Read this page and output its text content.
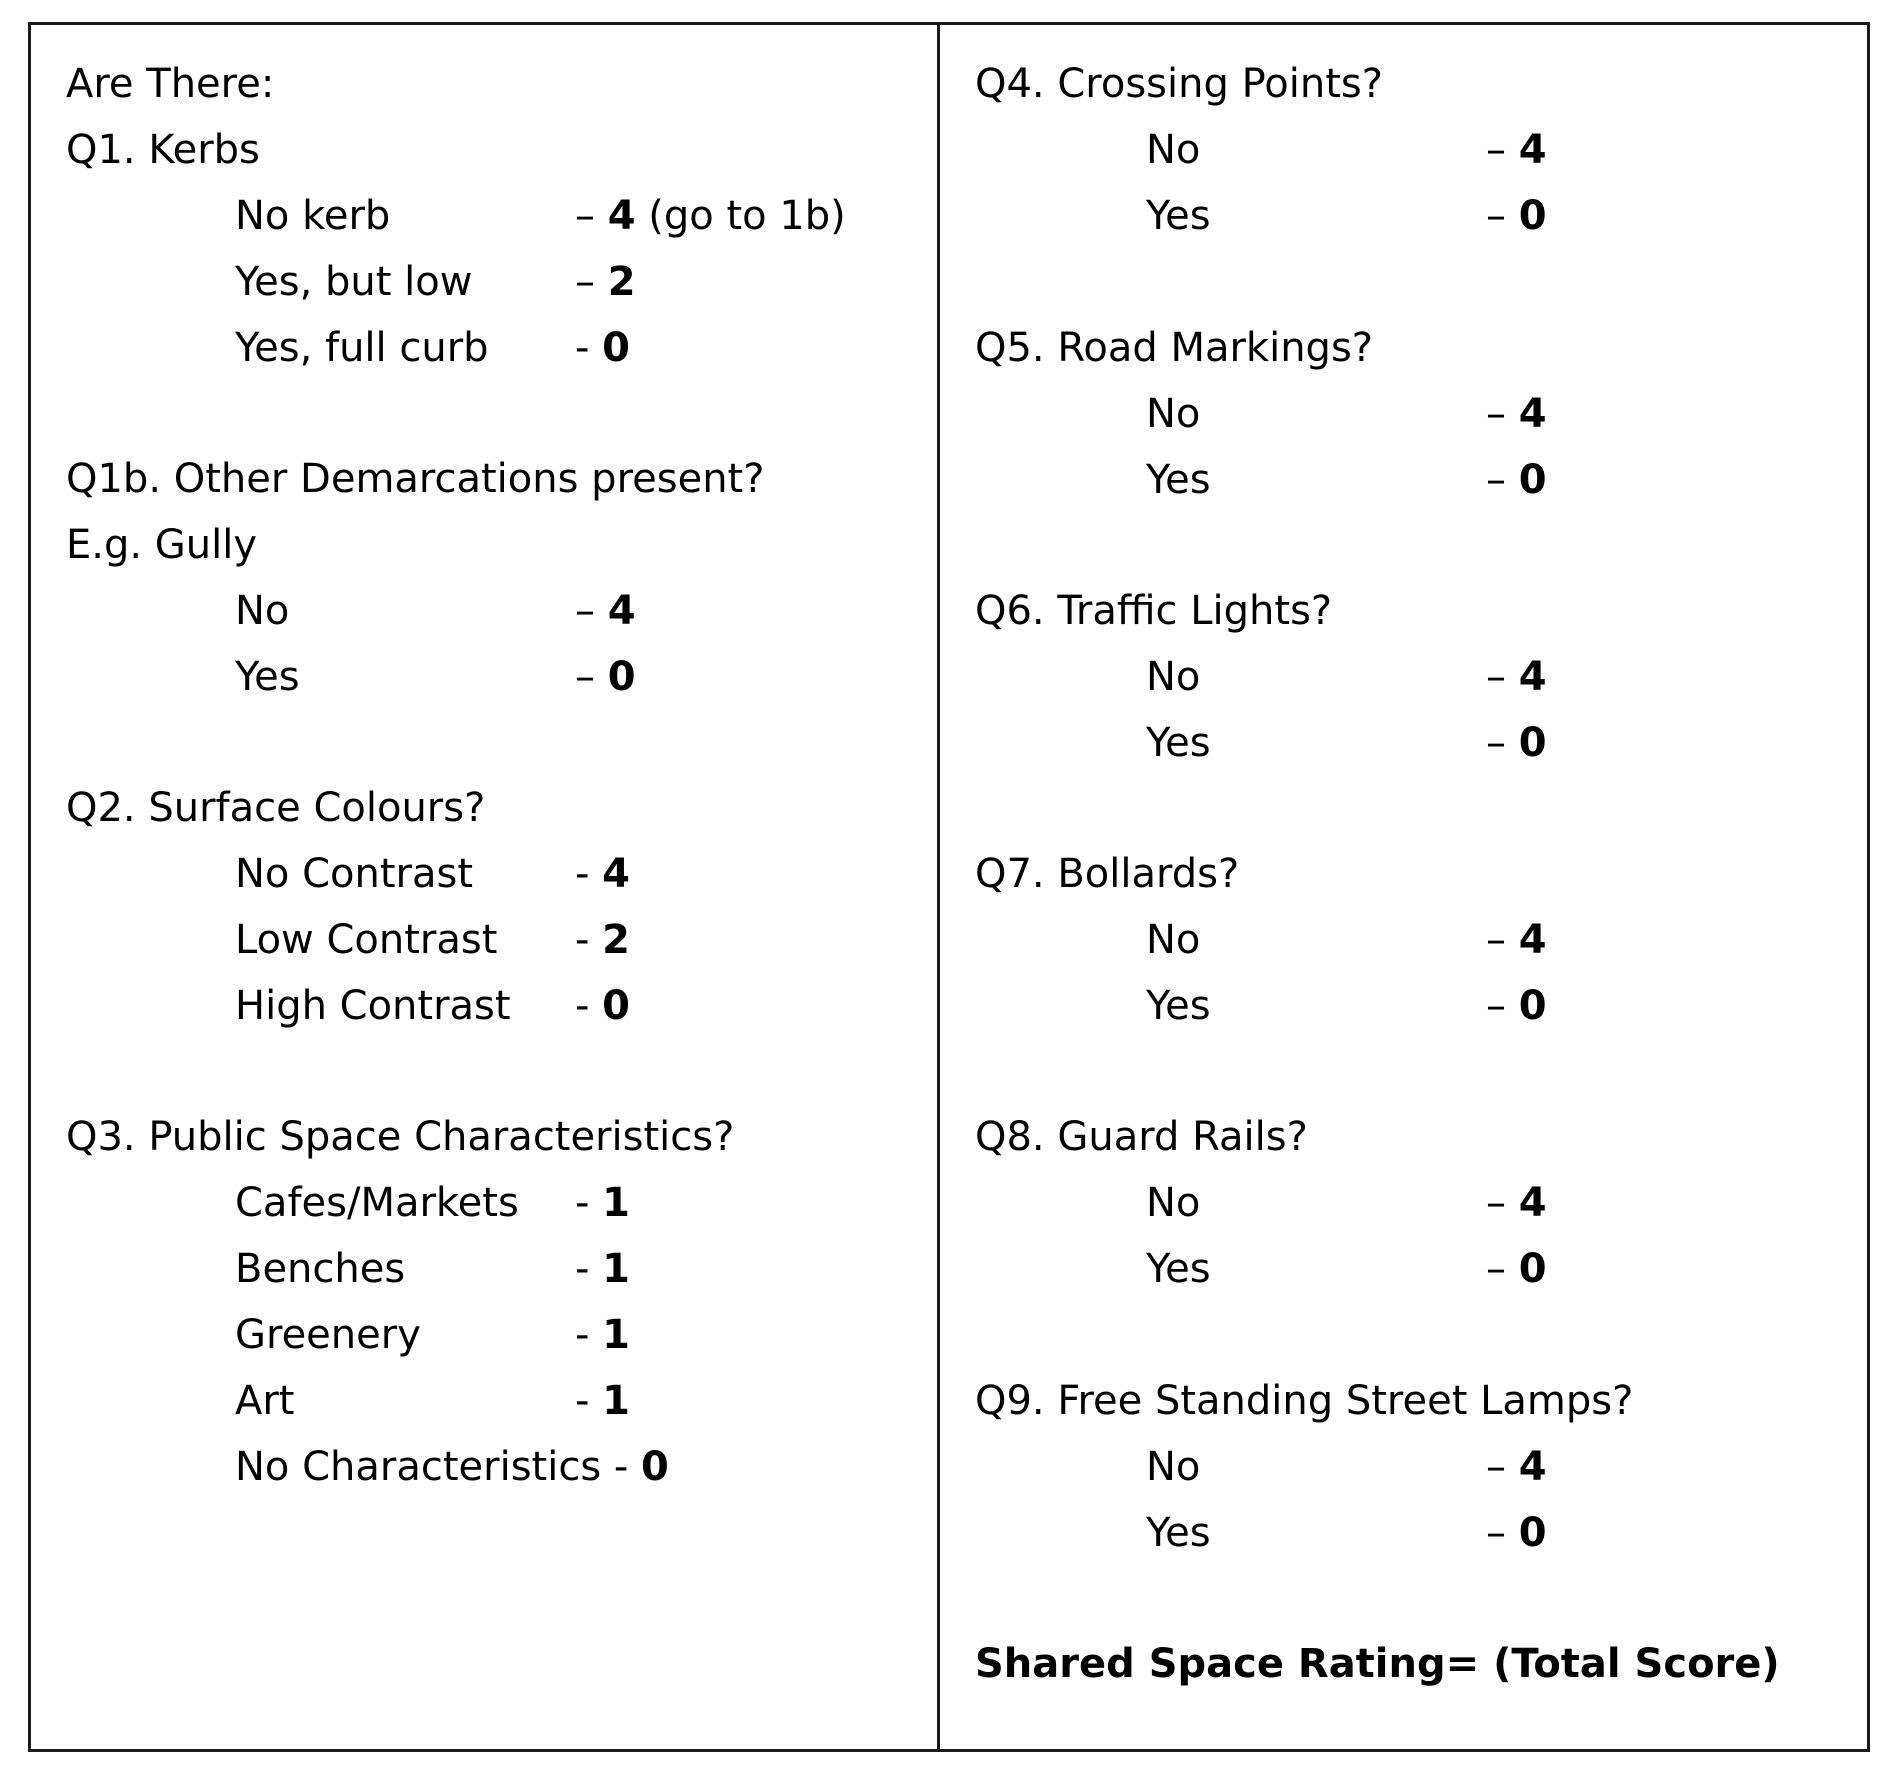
Are There:
Q1. Kerbs
No kerb	– 4 (go to 1b)
Yes, but low	– 2
Yes, full curb - 0
Q1b. Other Demarcations present?
E.g. Gully
No	– 4
Yes	– 0
Q2. Surface Colours?
No Contrast	- 4
Low Contrast - 2
High Contrast - 0
Q3. Public Space Characteristics?
Cafes/Markets - 1
Benches	- 1
Greenery	- 1
Art	- 1
No Characteristics - 0
Q4. Crossing Points?
No	– 4
Yes	– 0
Q5. Road Markings?
No	– 4
Yes	– 0
Q6. Traffic Lights?
No	– 4
Yes	– 0
Q7. Bollards?
No	– 4
Yes	– 0
Q8. Guard Rails?
No	– 4
Yes	– 0
Q9. Free Standing Street Lamps?
No	– 4
Yes	– 0
Shared Space Rating= (Total Score)
